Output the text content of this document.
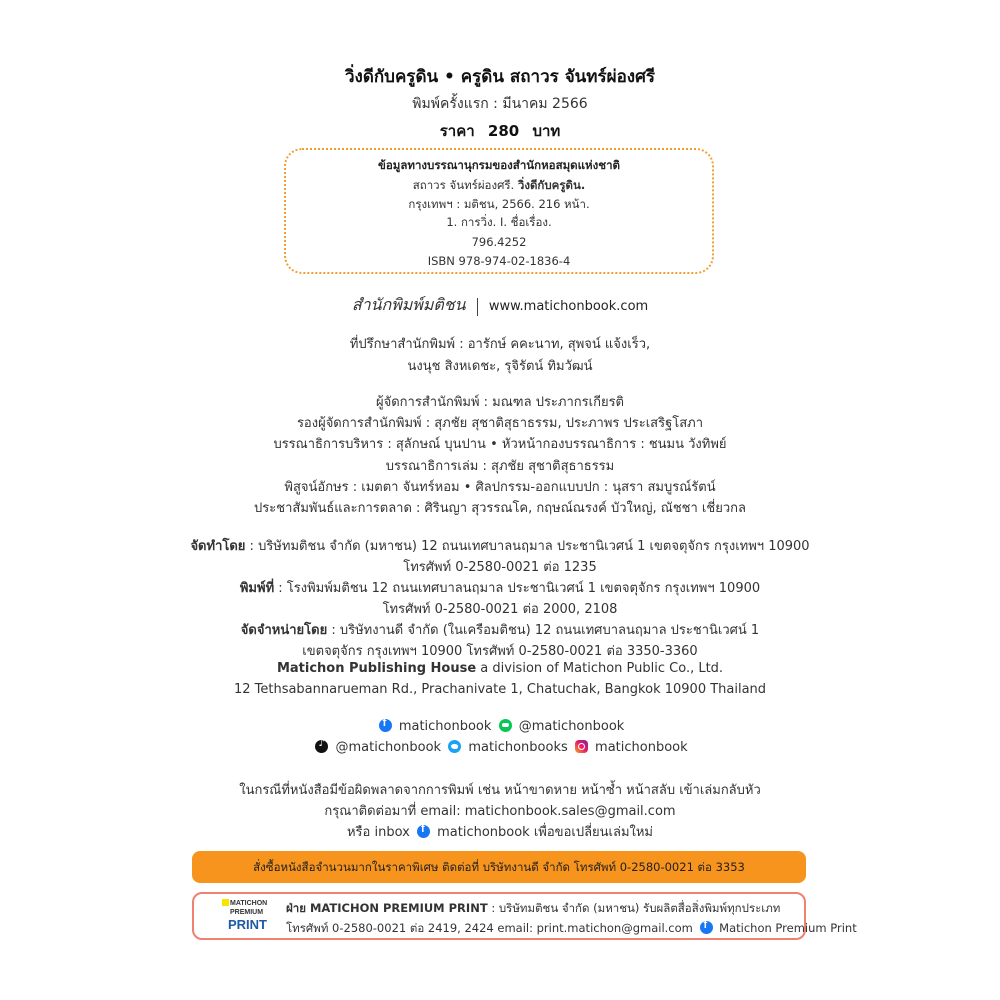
วิ่งดีกับครูดิน • ครูดิน สถาวร จันทร์ผ่องศรี
พิมพ์ครั้งแรก : มีนาคม 2566
ราคา 280 บาท
ข้อมูลทางบรรณานุกรมของสำนักหอสมุดแห่งชาติ
สถาวร จันทร์ผ่องศรี. วิ่งดีกับครูดิน.
กรุงเทพฯ : มติชน, 2566. 216 หน้า.
1. การวิ่ง. I. ชื่อเรื่อง.
796.4252
ISBN 978-974-02-1836-4
สำนักพิมพ์มติชน www.matichonbook.com
ที่ปรึกษาสำนักพิมพ์ : อารักษ์ คคะนาท, สุพจน์ แจ้งเร็ว,
นงนุช สิงหเดชะ, รุจิรัตน์ ทิมวัฒน์
ผู้จัดการสำนักพิมพ์ : มณฑล ประภากรเกียรติ
รองผู้จัดการสำนักพิมพ์ : สุภชัย สุชาติสุธาธรรม, ประภาพร ประเสริฐโสภา
บรรณาธิการบริหาร : สุลักษณ์ บุนปาน • หัวหน้ากองบรรณาธิการ : ชนมน วังทิพย์
บรรณาธิการเล่ม : สุภชัย สุชาติสุธาธรรม
พิสูจน์อักษร : เมตตา จันทร์หอม • ศิลปกรรม-ออกแบบปก : นุสรา สมบูรณ์รัตน์
ประชาสัมพันธ์และการตลาด : ศิรินญา สุวรรณโค, กฤษณ์ณรงค์ บัวใหญ่, ณัชชา เชี่ยวกล
จัดทำโดย : บริษัทมติชน จำกัด (มหาชน) 12 ถนนเทศบาลนฤมาล ประชานิเวศน์ 1 เขตจตุจักร กรุงเทพฯ 10900
โทรศัพท์ 0-2580-0021 ต่อ 1235
พิมพ์ที่ : โรงพิมพ์มติชน 12 ถนนเทศบาลนฤมาล ประชานิเวศน์ 1 เขตจตุจักร กรุงเทพฯ 10900
โทรศัพท์ 0-2580-0021 ต่อ 2000, 2108
จัดจำหน่ายโดย : บริษัทงานดี จำกัด (ในเครือมติชน) 12 ถนนเทศบาลนฤมาล ประชานิเวศน์ 1
เขตจตุจักร กรุงเทพฯ 10900 โทรศัพท์ 0-2580-0021 ต่อ 3350-3360
Matichon Publishing House a division of Matichon Public Co., Ltd.
12 Tethsabannarueman Rd., Prachanivate 1, Chatuchak, Bangkok 10900 Thailand
f matichonbook @matichonbook
♪ @matichonbook matichonbooks matichonbook
ในกรณีที่หนังสือมีข้อผิดพลาดจากการพิมพ์ เช่น หน้าขาดหาย หน้าซ้ำ หน้าสลับ เข้าเล่มกลับหัว
กรุณาติดต่อมาที่ email: matichonbook.sales@gmail.com
หรือ inbox f matichonbook เพื่อขอเปลี่ยนเล่มใหม่
สั่งซื้อหนังสือจำนวนมากในราคาพิเศษ ติดต่อที่ บริษัทงานดี จำกัด โทรศัพท์ 0-2580-0021 ต่อ 3353
MATICHON
PREMIUM
PRINT
ฝ่าย MATICHON PREMIUM PRINT : บริษัทมติชน จำกัด (มหาชน) รับผลิตสื่อสิ่งพิมพ์ทุกประเภท
โทรศัพท์ 0-2580-0021 ต่อ 2419, 2424 email: print.matichon@gmail.com f Matichon Premium Print
